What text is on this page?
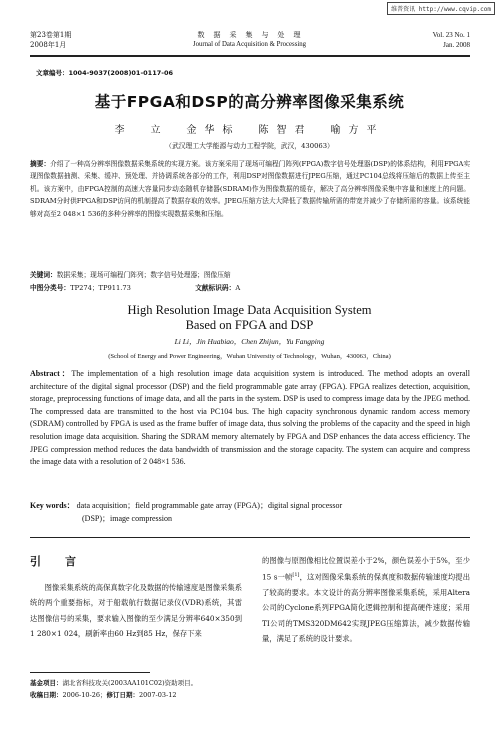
维普资讯 http://www.cqvip.com
第23卷第1期
2008年1月
数　据　采　集　与　处　理
Journal of Data Acquisition & Processing
Vol. 23 No. 1
Jan. 2008
文章编号：1004-9037(2008)01-0117-06
基于FPGA和DSP的高分辨率图像采集系统
李　立　金华标　陈智君　喻方平
（武汉理工大学能源与动力工程学院，武汉，430063）
摘要：介绍了一种高分辨率图像数据采集系统的实现方案。该方案采用了现场可编程门阵列(FPGA)数字信号处理器(DSP)的体系结构，利用FPGA实现图像数据抽测、采集、缓冲、预处理、并协调系统各部分的工作，利用DSP对图像数据进行JPEG压缩，通过PC104总线将压缩后的数据上传至主机。该方案中，由FPGA控制的高速大容量同步动态随机存储器(SDRAM)作为图像数据的缓存，解决了高分辨率图像采集中容量和速度上的问题。SDRAM分时供FPGA和DSP访问的机制提高了数据存取的效率。JPEG压缩方法大大降低了数据传输所需的带宽并减少了存储所需的容量。该系统能够对高至2 048×1 536的多种分辨率的图像实现数据采集和压缩。
关键词：数据采集；现场可编程门阵列；数字信号处理器；图像压缩
中图分类号：TP274；TP911.73	文献标识码：A
High Resolution Image Data Acquisition System
Based on FPGA and DSP
Li Li，Jin Huabiao，Chen Zhijun，Yu Fangping
(School of Energy and Power Engineering，Wuhan University of Technology，Wuhan，430063，China)
Abstract：The implementation of a high resolution image data acquisition system is introduced. The method adopts an overall architecture of the digital signal processor (DSP) and the field programmable gate array (FPGA). FPGA realizes detection, acquisition, storage, preprocessing functions of image data, and all the parts in the system. DSP is used to compress image data by the JPEG method. The compressed data are transmitted to the host via PC104 bus. The high capacity synchronous dynamic random access memory (SDRAM) controlled by FPGA is used as the frame buffer of image data, thus solving the problems of the capacity and the speed in high resolution image data acquisition. Sharing the SDRAM memory alternately by FPGA and DSP enhances the data access efficiency. The JPEG compression method reduces the data bandwidth of transmission and the storage capacity. The system can acquire and compress the image data with a resolution of 2 048×1 536.
Key words： data acquisition；field programmable gate array (FPGA)；digital signal processor
(DSP)；image compression
引言
图像采集系统的高保真数字化及数据的传输速度是图像采集系统的两个重要指标，对于船载航行数据记录仪(VDR)系统，其雷达图像信号的采集，要求输入图像的至少满足分辨率640×350到1 280×1 024，刷新率由60 Hz到85 Hz，保存下来
的图像与原图像相比位置误差小于2%，颜色误差小于5%，至少15 s一帧[1]，这对图像采集系统的保真度和数据传输速度均提出了较高的要求。本文设计的高分辨率图像采集系统，采用Altera公司的Cyclone系列FPGA简化逻辑控制和提高硬件速度；采用TI公司的TMS320DM642实现JPEG压缩算法，减少数据传输量，满足了系统的设计要求。
基金项目：湖北省科技攻关(2003AA101C02)资助项目。
收稿日期：2006-10-26；修订日期：2007-03-12
